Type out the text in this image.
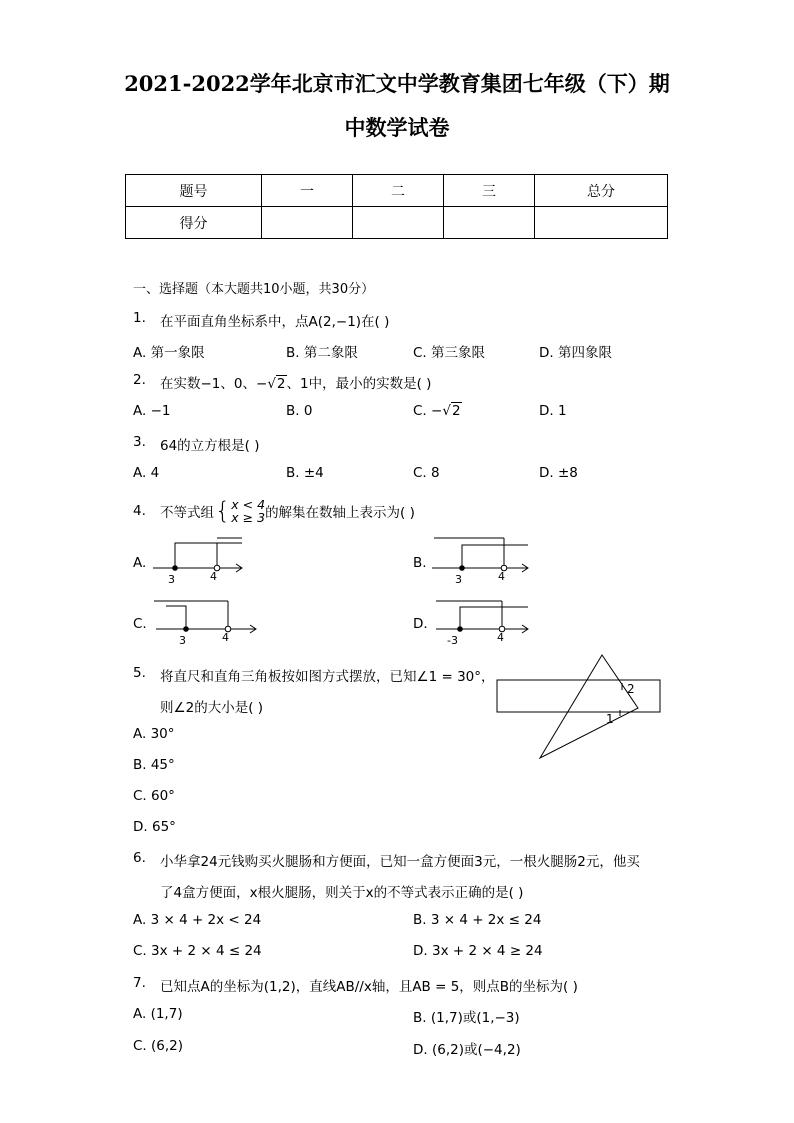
2021-2022学年北京市汇文中学教育集团七年级（下）期
中数学试卷
题号	一	二	三	总分
得分				
一、选择题（本大题共10小题，共30分）
1. 在平面直角坐标系中，点A(2,−1)在( )
A. 第一象限	B. 第二象限	C. 第三象限	D. 第四象限
2. 在实数−1、0、−√2、1中，最小的实数是( )
A. −1	B. 0	C. −√2	D. 1
3. 64的立方根是( )
A. 4	B. ±4	C. 8	D. ±8
4. 不等式组 { x < 4
x ≥ 3 的解集在数轴上表示为( )
A.
3	4
B.
3	4
C.
3	4
D.
-3	4
5. 将直尺和直角三角板按如图方式摆放，已知∠1 = 30°，
则∠2的大小是( )
2
1
A. 30°
B. 45°
C. 60°
D. 65°
6. 小华拿24元钱购买火腿肠和方便面，已知一盒方便面3元，一根火腿肠2元，他买
了4盒方便面，x根火腿肠，则关于x的不等式表示正确的是( )
A. 3 × 4 + 2x < 24	B. 3 × 4 + 2x ≤ 24
C. 3x + 2 × 4 ≤ 24	D. 3x + 2 × 4 ≥ 24
7. 已知点A的坐标为(1,2)，直线AB//x轴，且AB = 5，则点B的坐标为( )
A. (1,7)	B. (1,7)或(1,−3)
C. (6,2)	D. (6,2)或(−4,2)
